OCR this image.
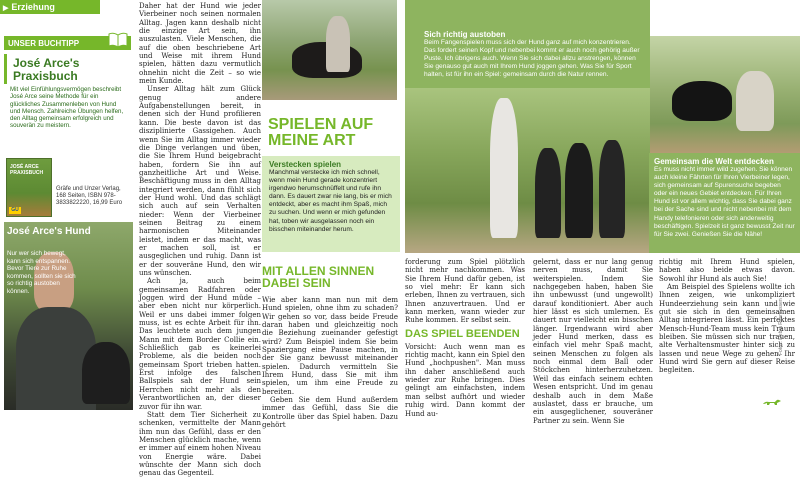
▶ Erziehung
UNSER BUCHTIPP
José Arce's Praxisbuch
Mit viel Einfühlungsvermögen beschreibt José Arce seine Methode für ein glückliches Zusammenleben von Hund und Mensch. Zahlreiche Übungen helfen, den Alltag gemeinsam erfolgreich und souverän zu meistern.
JOSÉ ARCE PRAXISBUCH
GU
Gräfe und Unzer Verlag, 168 Seiten, ISBN 978-3833822220, 16,99 Euro
José Arce's Hund
Nur wer sich bewegt, kann sich entspannen. Bevor Tiere zur Ruhe kommen, sollten sie sich so richtig austoben können.

Daher hat der Hund wie jeder Vierbeiner noch seinen normalen Alltag. Jagen kann deshalb nicht die einzige Art sein, ihn auszulasten. Viele Menschen, die auf die oben beschriebene Art und Weise mit ihrem Hund spielen, hätten dazu vermutlich ohnehin nicht die Zeit – so wie mein Kunde.

Unser Alltag hält zum Glück genug andere Aufgabenstellungen bereit, in denen sich der Hund profilieren kann. Die beste davon ist das disziplinierte Gassigehen. Auch wenn Sie im Alltag immer wieder die Dinge verlangen und üben, die Sie Ihrem Hund beigebracht haben, fordern Sie ihn auf ganzheitliche Art und Weise. Beschäftigung muss in den Alltag integriert werden, dann fühlt sich der Hund wohl. Und das schlägt sich auch auf sein Verhalten nieder: Wenn der Vierbeiner seinen Beitrag zu einem harmonischen Miteinander leistet, indem er das macht, was er machen soll, ist er ausgeglichen und ruhig. Dann ist er der souveräne Hund, den wir uns wünschen.

Ach ja, auch beim gemeinsamen Radfahren oder Joggen wird der Hund müde – aber eben nicht nur körperlich. Weil er uns dabei immer folgen muss, ist es echte Arbeit für ihn. Das leuchtete auch dem jungen Mann mit dem Border Collie ein. Schließlich gab es keinerlei Probleme, als die beiden noch gemeinsam Sport trieben hatten. Erst infolge des falschen Ballspiels sah der Hund sein Herrchen nicht mehr als den Verantwortlichen an, der dieser zuvor für ihn war.

Statt dem Tier Sicherheit zu schenken, vermittelte der Mann ihm nun das Gefühl, dass er den Menschen glücklich mache, wenn er immer auf einem hohen Niveau von Energie wäre. Dabei wünschte der Mann sich doch genau das Gegenteil.

SPIELEN AUF MEINE ART
Verstecken spielen
Manchmal verstecke ich mich schnell, wenn mein Hund gerade konzentriert irgendwo herumschnüffelt und rufe ihn dann. Es dauert zwar nie lang, bis er mich entdeckt, aber es macht ihm Spaß, mich zu suchen. Und wenn er mich gefunden hat, toben wir ausgelassen noch ein bisschen miteinander herum.
MIT ALLEN SINNEN DABEI SEIN

Wie aber kann man nun mit dem Hund spielen, ohne ihm zu schaden? Wir gehen so vor, dass beide Freude daran haben und gleichzeitig noch die Beziehung zueinander gefestigt wird? Zum Beispiel indem Sie beim Spaziergang eine Pause machen, in der Sie ganz bewusst miteinander spielen. Dadurch vermitteln Sie Ihrem Hund, dass Sie mit ihm spielen, um ihm eine Freude zu bereiten.

Geben Sie dem Hund außerdem immer das Gefühl, dass Sie die Kontrolle über das Spiel haben. Dazu gehört

Sich richtig austoben
Beim Fangenspielen muss sich der Hund ganz auf mich konzentrieren. Das fordert seinen Kopf und nebenbei kommt er auch noch gehörig außer Puste. Ich übrigens auch. Wenn Sie sich dabei allzu anstrengen, können Sie genauso gut auch mit Ihrem Hund joggen gehen. Was Sie für Sport halten, ist für ihn ein Spiel: gemeinsam durch die Natur rennen.
Gemeinsam die Welt entdecken
Es muss nicht immer wild zugehen. Sie können auch kleine Fährten für Ihren Vierbeiner legen, sich gemeinsam auf Spurensuche begeben oder ein neues Gebiet entdecken. Für Ihren Hund ist vor allem wichtig, dass Sie dabei ganz bei der Sache sind und nicht nebenbei mit dem Handy telefonieren oder sich anderweitig beschäftigen. Spielzeit ist ganz bewusst Zeit nur für Sie zwei. Genießen Sie die Nähe!

forderung zum Spiel plötzlich nicht mehr nachkommen. Was Sie Ihrem Hund dafür geben, ist so viel mehr: Er kann sich erleben, Ihnen zu vertrauen, sich Ihnen anzuvertrauen. Und er kann merken, wann wieder zur Ruhe kommen. Er selbst sein.

DAS SPIEL BEENDEN

Vorsicht: Auch wenn man es richtig macht, kann ein Spiel den Hund „hochpushen". Man muss ihn daher anschließend auch wieder zur Ruhe bringen. Dies gelingt am einfachsten, indem man selbst aufhört und wieder ruhig wird. Dann kommt der Hund au-

gelernt, dass er nur lang genug nerven muss, damit Sie weiterspielen. Indem Sie nachgegeben haben, haben Sie ihn unbewusst (und ungewollt) darauf konditioniert. Aber auch hier lässt es sich umlernen. Es dauert nur vielleicht ein bisschen länger. Irgendwann wird aber jeder Hund merken, dass es einfach viel mehr Spaß macht, seinen Menschen zu folgen als noch einmal dem Ball oder Stöckchen hinterherzuhetzen. Weil das einfach seinem echten Wesen entspricht. Und im genau deshalb auch in dem Maße auslastet, dass er brauche, um ein ausgeglichener, souveräner Partner zu sein. Wenn Sie

richtig mit Ihrem Hund spielen, haben also beide etwas davon. Sowohl ihr Hund als auch Sie!

Am Beispiel des Spielens wollte ich Ihnen zeigen, wie unkompliziert Hundeerziehung sein kann und wie gut sie sich in den gemeinsamen Alltag integrieren lässt. Ein perfektes Mensch-Hund-Team muss kein Traum bleiben. Sie müssen sich nur trauen, alte Verhaltensmuster hinter sich zu lassen und neue Wege zu gehen. Ihr Hund wird Sie gern auf dieser Reise begleiten.

Fotos: Debra Rasmussen
